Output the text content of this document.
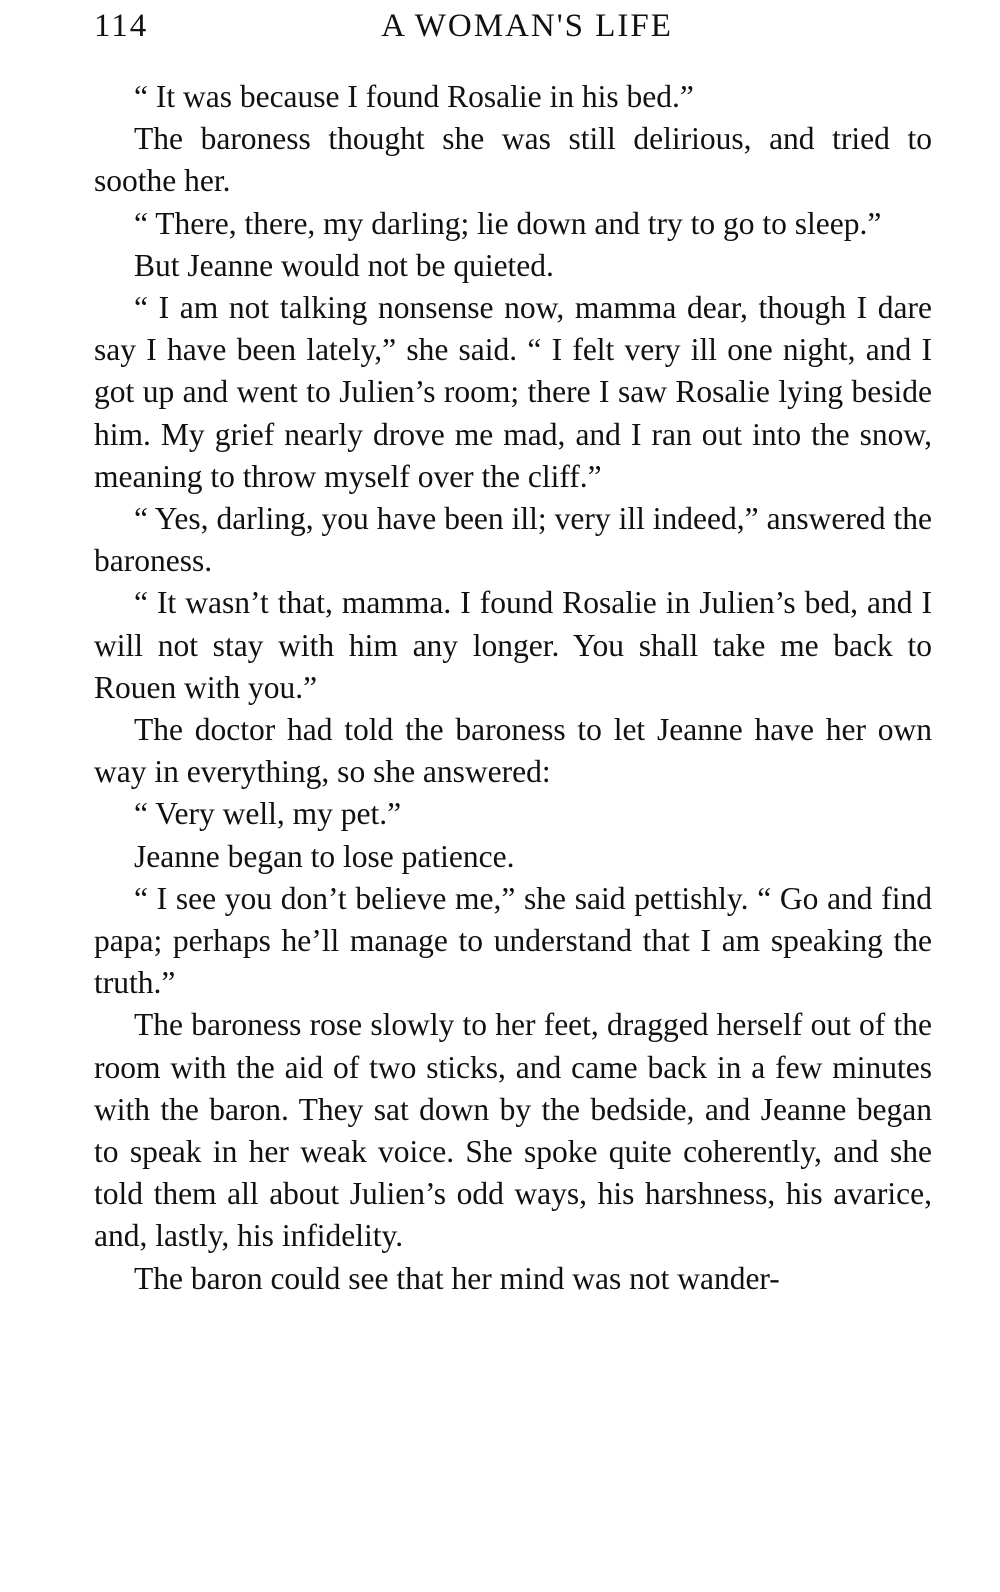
114	A WOMAN'S LIFE

“ It was because I found Rosalie in his bed.”

The baroness thought she was still delirious, and tried to soothe her.

“ There, there, my darling; lie down and try to go to sleep.”

But Jeanne would not be quieted.

“ I am not talking nonsense now, mamma dear, though I dare say I have been lately,” she said. “ I felt very ill one night, and I got up and went to Julien’s room; there I saw Rosalie lying beside him. My grief nearly drove me mad, and I ran out into the snow, meaning to throw myself over the cliff.”

“ Yes, darling, you have been ill; very ill indeed,” answered the baroness.

“ It wasn’t that, mamma. I found Rosalie in Julien’s bed, and I will not stay with him any longer. You shall take me back to Rouen with you.”

The doctor had told the baroness to let Jeanne have her own way in everything, so she answered:

“ Very well, my pet.”

Jeanne began to lose patience.

“ I see you don’t believe me,” she said pettishly. “ Go and find papa; perhaps he’ll manage to understand that I am speaking the truth.”

The baroness rose slowly to her feet, dragged herself out of the room with the aid of two sticks, and came back in a few minutes with the baron. They sat down by the bedside, and Jeanne began to speak in her weak voice. She spoke quite coherently, and she told them all about Julien’s odd ways, his harshness, his avarice, and, lastly, his infidelity.

The baron could see that her mind was not wander-
